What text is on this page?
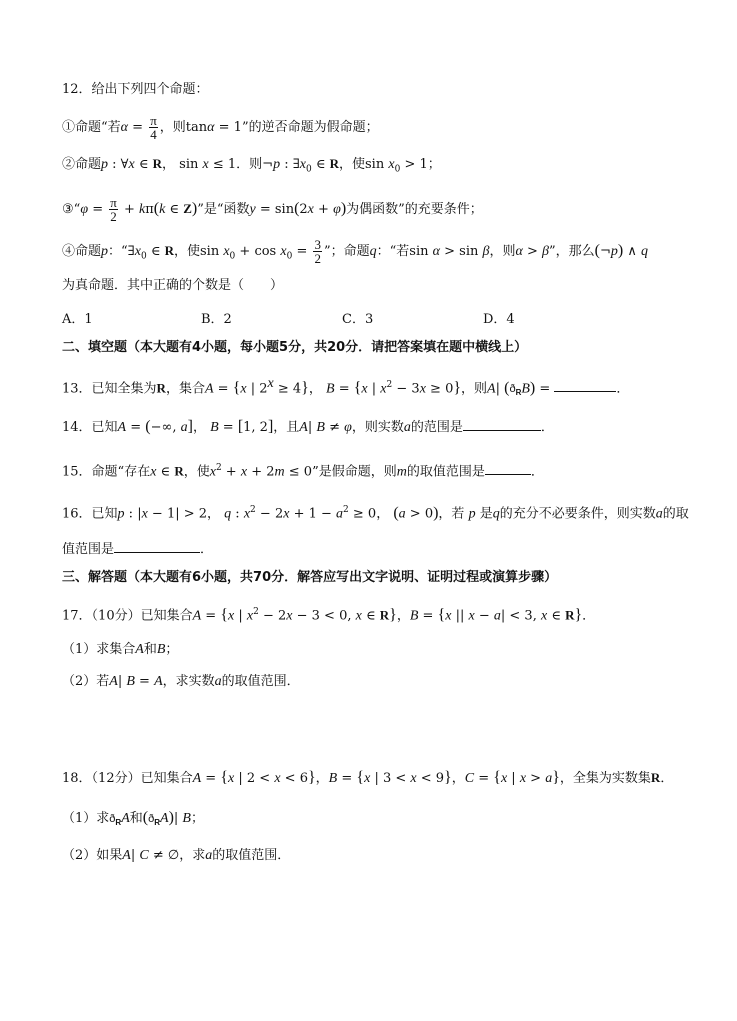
12．给出下列四个命题：
①命题“若$\alpha = \frac{\pi}{4}$ ，则tanα = 1”的逆否命题为假命题；
②命题p : ∀x ∈ R， sin x ≤ 1．则¬p : $\exists x_0$ ∈ R，使$\sin x_0 > 1$；
③“φ = $\frac{\pi}{2} + k\pi(k$ ∈ Z)”是“函数y = sin(2x + φ)为偶函数”的充要条件；
④命题p：“$\exists x_0$ ∈ R，使$\sin x_0 + \cos x_0 = \frac{3}{2}$ ”；命题q：“若sin α > sin β，则α > β”，那么(¬p) ∧ q
为真命题．其中正确的个数是（　　）
A．1	B．2	C．3	D．4
二、填空题（本大题有4小题，每小题5分，共20分．请把答案填在题中横线上）
13．已知全集为R，集合A = {x | $2^x \ge 4$}， B = {x | $x^2 - 3x \ge 0$}，则A| $(ð_RB)$ =	．
14．已知A = (−∞, a]， B = [1, 2]，且A| B ≠ φ，则实数a的范围是	．
15．命题“存在x ∈ R，使$x^2 + x + 2m \le 0$”是假命题，则m的取值范围是	．
16．已知p : |x − 1| > 2， q : $x^2 - 2x + 1 - a^2 \ge 0$， (a > 0)，若 p 是q的充分不必要条件，则实数a的取
值范围是	．
三、解答题（本大题有6小题，共70分．解答应写出文字说明、证明过程或演算步骤）
17．（10分）已知集合A = {x | $x^2 - 2x - 3 < 0$, x ∈ R}，B = {x || x − a| < 3, x ∈ R}．
（1）求集合A和B；
（2）若A| B = A，求实数a的取值范围．
18．（12分）已知集合A = {x | 2 < x < 6}，B = {x | 3 < x < 9}，C = {x | x > a}，全集为实数集R．
（1）求$ð_RA$和$(ð_RA)|$ B；
（2）如果A| C ≠ ∅，求a的取值范围．
